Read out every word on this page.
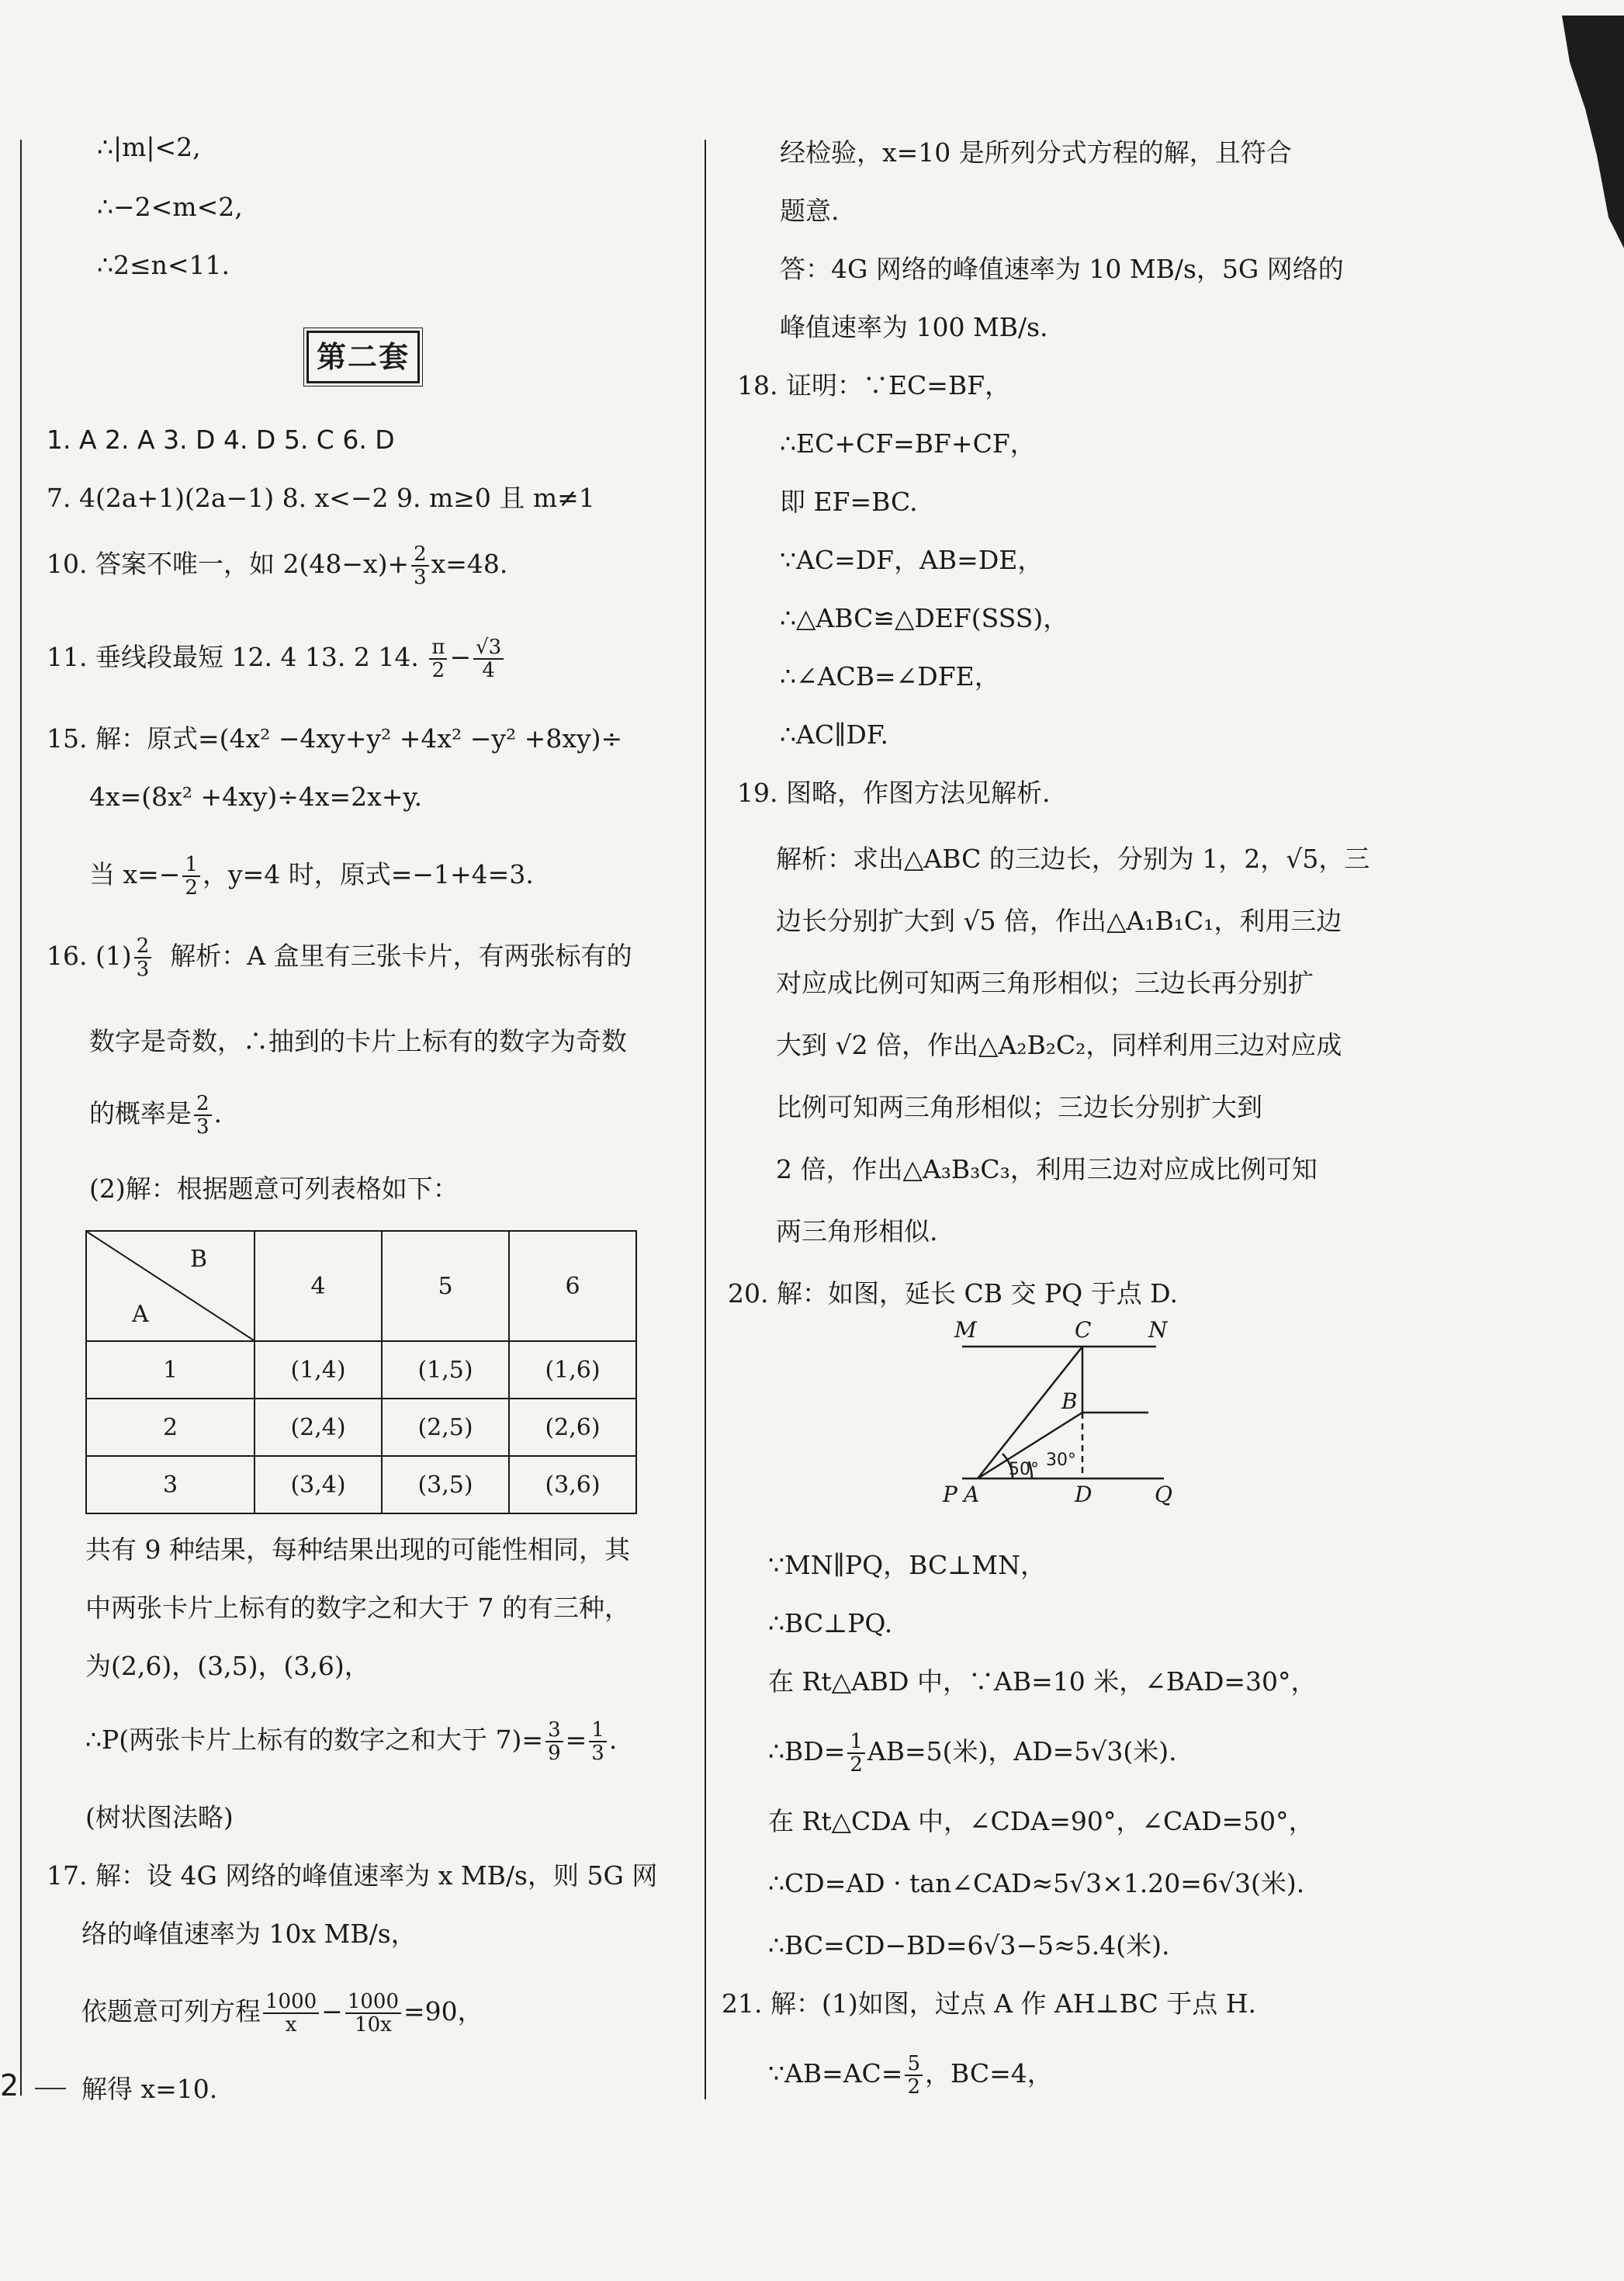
第二套
∴|m|<2,
∴−2<m<2,
∴2≤n<11.
1. A 2. A 3. D 4. D 5. C 6. D
7. 4(2a+1)(2a−1) 8. x<−2 9. m≥0 且 m≠1
10. 答案不唯一，如 $2(48-x)+ \frac{2}{3} x=48$.
11. 垂线段最短 12. 4 13. 2 14. $\frac{\pi}{2} - \frac{√3}{4}$
15. 解：原式=(4x² −4xy+y² +4x² −y² +8xy)÷
4x=(8x² +4xy)÷4x=2x+y.
当 $x=- \frac{1}{2}$ ，y=4 时，原式=−1+4=3.
16. $(1) \frac{2}{3}$ 解析：A 盒里有三张卡片，有两张标有的
数字是奇数，∴抽到的卡片上标有的数字为奇数
的概率是 $\frac{2}{3}$ .
(2)解：根据题意可列表格如下：
共有 9 种结果，每种结果出现的可能性相同，其
中两张卡片上标有的数字之和大于 7 的有三种，
为(2,6)，(3,5)，(3,6)，
∴P(两张卡片上标有的数字之和大于 $7)= \frac{3}{9} = \frac{1}{3}$ .
(树状图法略)
17. 解：设 4G 网络的峰值速率为 x MB/s，则 5G 网
络的峰值速率为 10x MB/s，
依题意可列方程 $\frac{1000}{x} - \frac{1000}{10x} =90$，
解得 x=10.
B
A	4	5	6
1	(1,4)	(1,5)	(1,6)
2	(2,4)	(2,5)	(2,6)
3	(3,4)	(3,5)	(3,6)
经检验，x=10 是所列分式方程的解，且符合
题意.
答：4G 网络的峰值速率为 10 MB/s，5G 网络的
峰值速率为 100 MB/s.
18. 证明：∵EC=BF，
∴EC+CF=BF+CF，
即 EF=BC.
∵AC=DF，AB=DE，
∴△ABC≌△DEF(SSS)，
∴∠ACB=∠DFE，
∴AC∥DF.
19. 图略，作图方法见解析.
解析：求出△ABC 的三边长，分别为 1，2，√5，三
边长分别扩大到 √5 倍，作出△A₁B₁C₁，利用三边
对应成比例可知两三角形相似；三边长再分别扩
大到 √2 倍，作出△A₂B₂C₂，同样利用三边对应成
比例可知两三角形相似；三边长分别扩大到
2 倍，作出△A₃B₃C₃，利用三边对应成比例可知
两三角形相似.
20. 解：如图，延长 CB 交 PQ 于点 D.
∵MN∥PQ，BC⊥MN，
∴BC⊥PQ.
在 Rt△ABD 中，∵AB=10 米，∠BAD=30°，
∴BD= $\frac{1}{2} AB=5$(米)，AD=5√3(米).
在 Rt△CDA 中，∠CDA=90°，∠CAD=50°，
∴CD=AD · tan∠CAD≈5√3×1.20=6√3(米).
∴BC=CD−BD=6√3−5≈5.4(米).
21. 解：(1)如图，过点 A 作 AH⊥BC 于点 H.
∵AB=AC= $\frac{5}{2}$ ，BC=4，
M	C	N
B
P A	D	Q
50° 30°
2
